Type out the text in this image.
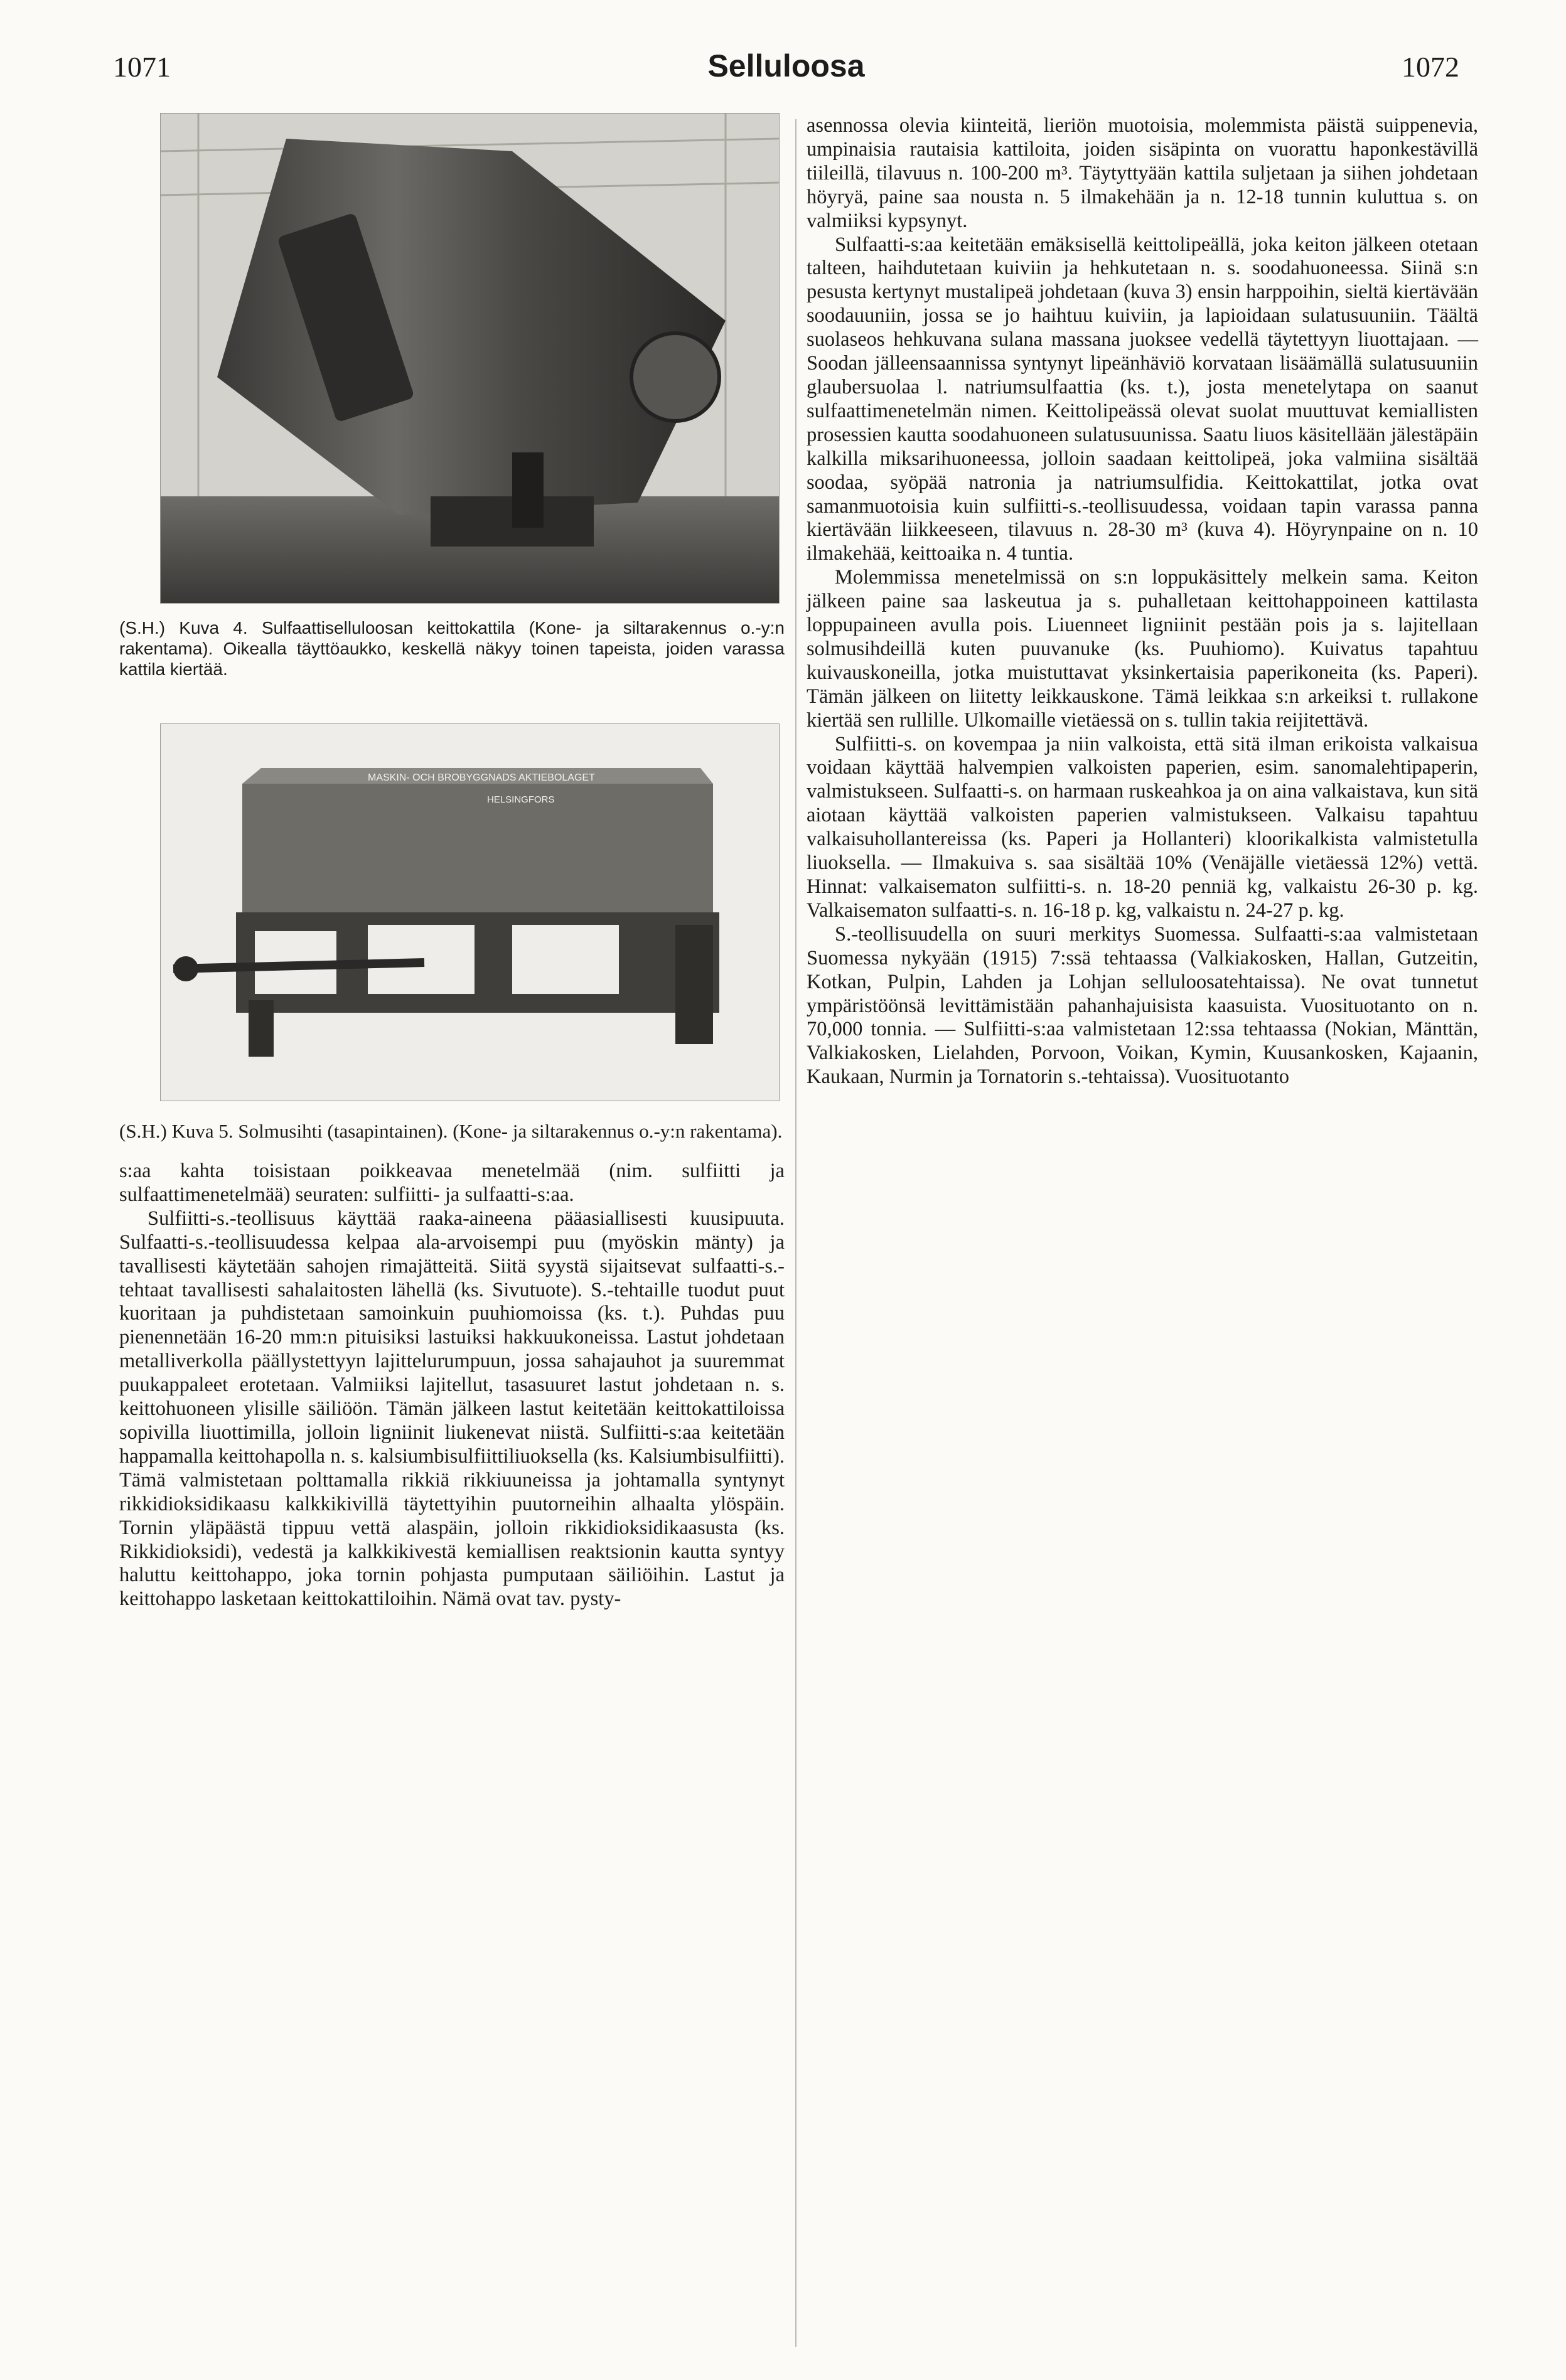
1071	Selluloosa	1072

(S.H.) Kuva 4. Sulfaattiselluloosan keittokattila (Kone- ja siltarakennus o.-y:n rakentama). Oikealla täyttöaukko, keskellä näkyy toinen tapeista, joiden varassa kattila kiertää.

MASKIN- OCH BROBYGGNADS AKTIEBOLAGET
HELSINGFORS

(S.H.) Kuva 5. Solmusihti (tasapintainen). (Kone- ja siltarakennus o.-y:n rakentama).

s:aa kahta toisistaan poikkeavaa menetelmää (nim. sulfiitti ja sulfaattimenetelmää) seuraten: sulfiitti- ja sulfaatti-s:aa.

Sulfiitti-s.-teollisuus käyttää raaka-aineena pääasiallisesti kuusipuuta. Sulfaatti-s.-teollisuudessa kelpaa ala-arvoisempi puu (myöskin mänty) ja tavallisesti käytetään sahojen rimajätteitä. Siitä syystä sijaitsevat sulfaatti-s.-tehtaat tavallisesti sahalaitosten lähellä (ks. Sivutuote). S.-tehtaille tuodut puut kuoritaan ja puhdistetaan samoinkuin puuhiomoissa (ks. t.). Puhdas puu pienennetään 16-20 mm:n pituisiksi lastuiksi hakkuukoneissa. Lastut johdetaan metalliverkolla päällystettyyn lajittelurumpuun, jossa sahajauhot ja suuremmat puukappaleet erotetaan. Valmiiksi lajitellut, tasasuuret lastut johdetaan n. s. keittohuoneen ylisille säiliöön. Tämän jälkeen lastut keitetään keittokattiloissa sopivilla liuottimilla, jolloin ligniinit liukenevat niistä. Sulfiitti-s:aa keitetään happamalla keittohapolla n. s. kalsiumbisulfiittiliuoksella (ks. Kalsiumbisulfiitti). Tämä valmistetaan polttamalla rikkiä rikkiuuneissa ja johtamalla syntynyt rikkidioksidikaasu kalkkikivillä täytettyihin puutorneihin alhaalta ylöspäin. Tornin yläpäästä tippuu vettä alaspäin, jolloin rikkidioksidikaasusta (ks. Rikkidioksidi), vedestä ja kalkkikivestä kemiallisen reaktsionin kautta syntyy haluttu keittohappo, joka tornin pohjasta pumputaan säiliöihin. Lastut ja keittohappo lasketaan keittokattiloihin. Nämä ovat tav. pysty-

asennossa olevia kiinteitä, lieriön muotoisia, molemmista päistä suippenevia, umpinaisia rautaisia kattiloita, joiden sisäpinta on vuorattu haponkestävillä tiileillä, tilavuus n. 100-200 m³. Täytyttyään kattila suljetaan ja siihen johdetaan höyryä, paine saa nousta n. 5 ilmakehään ja n. 12-18 tunnin kuluttua s. on valmiiksi kypsynyt.

Sulfaatti-s:aa keitetään emäksisellä keittolipeällä, joka keiton jälkeen otetaan talteen, haihdutetaan kuiviin ja hehkutetaan n. s. soodahuoneessa. Siinä s:n pesusta kertynyt mustalipeä johdetaan (kuva 3) ensin harppoihin, sieltä kiertävään soodauuniin, jossa se jo haihtuu kuiviin, ja lapioidaan sulatusuuniin. Täältä suolaseos hehkuvana sulana massana juoksee vedellä täytettyyn liuottajaan. — Soodan jälleensaannissa syntynyt lipeänhäviö korvataan lisäämällä sulatusuuniin glaubersuolaa l. natriumsulfaattia (ks. t.), josta menetelytapa on saanut sulfaattimenetelmän nimen. Keittolipeässä olevat suolat muuttuvat kemiallisten prosessien kautta soodahuoneen sulatusuunissa. Saatu liuos käsitellään jälestäpäin kalkilla miksarihuoneessa, jolloin saadaan keittolipeä, joka valmiina sisältää soodaa, syöpää natronia ja natriumsulfidia. Keittokattilat, jotka ovat samanmuotoisia kuin sulfiitti-s.-teollisuudessa, voidaan tapin varassa panna kiertävään liikkeeseen, tilavuus n. 28-30 m³ (kuva 4). Höyrynpaine on n. 10 ilmakehää, keittoaika n. 4 tuntia.

Molemmissa menetelmissä on s:n loppukäsittely melkein sama. Keiton jälkeen paine saa laskeutua ja s. puhalletaan keittohappoineen kattilasta loppupaineen avulla pois. Liuenneet ligniinit pestään pois ja s. lajitellaan solmusihdeillä kuten puuvanuke (ks. Puuhiomo). Kuivatus tapahtuu kuivauskoneilla, jotka muistuttavat yksinkertaisia paperikoneita (ks. Paperi). Tämän jälkeen on liitetty leikkauskone. Tämä leikkaa s:n arkeiksi t. rullakone kiertää sen rullille. Ulkomaille vietäessä on s. tullin takia reijitettävä.

Sulfiitti-s. on kovempaa ja niin valkoista, että sitä ilman erikoista valkaisua voidaan käyttää halvempien valkoisten paperien, esim. sanomalehtipaperin, valmistukseen. Sulfaatti-s. on harmaan ruskeahkoa ja on aina valkaistava, kun sitä aiotaan käyttää valkoisten paperien valmistukseen. Valkaisu tapahtuu valkaisuhollantereissa (ks. Paperi ja Hollanteri) kloorikalkista valmistetulla liuoksella. — Ilmakuiva s. saa sisältää 10% (Venäjälle vietäessä 12%) vettä. Hinnat: valkaisematon sulfiitti-s. n. 18-20 penniä kg, valkaistu 26-30 p. kg. Valkaisematon sulfaatti-s. n. 16-18 p. kg, valkaistu n. 24-27 p. kg.

S.-teollisuudella on suuri merkitys Suomessa. Sulfaatti-s:aa valmistetaan Suomessa nykyään (1915) 7:ssä tehtaassa (Valkiakosken, Hallan, Gutzeitin, Kotkan, Pulpin, Lahden ja Lohjan selluloosatehtaissa). Ne ovat tunnetut ympäristöönsä levittämistään pahanhajuisista kaasuista. Vuosituotanto on n. 70,000 tonnia. — Sulfiitti-s:aa valmistetaan 12:ssa tehtaassa (Nokian, Mänttän, Valkiakosken, Lielahden, Porvoon, Voikan, Kymin, Kuusankosken, Kajaanin, Kaukaan, Nurmin ja Tornatorin s.-tehtaissa). Vuosituotanto
